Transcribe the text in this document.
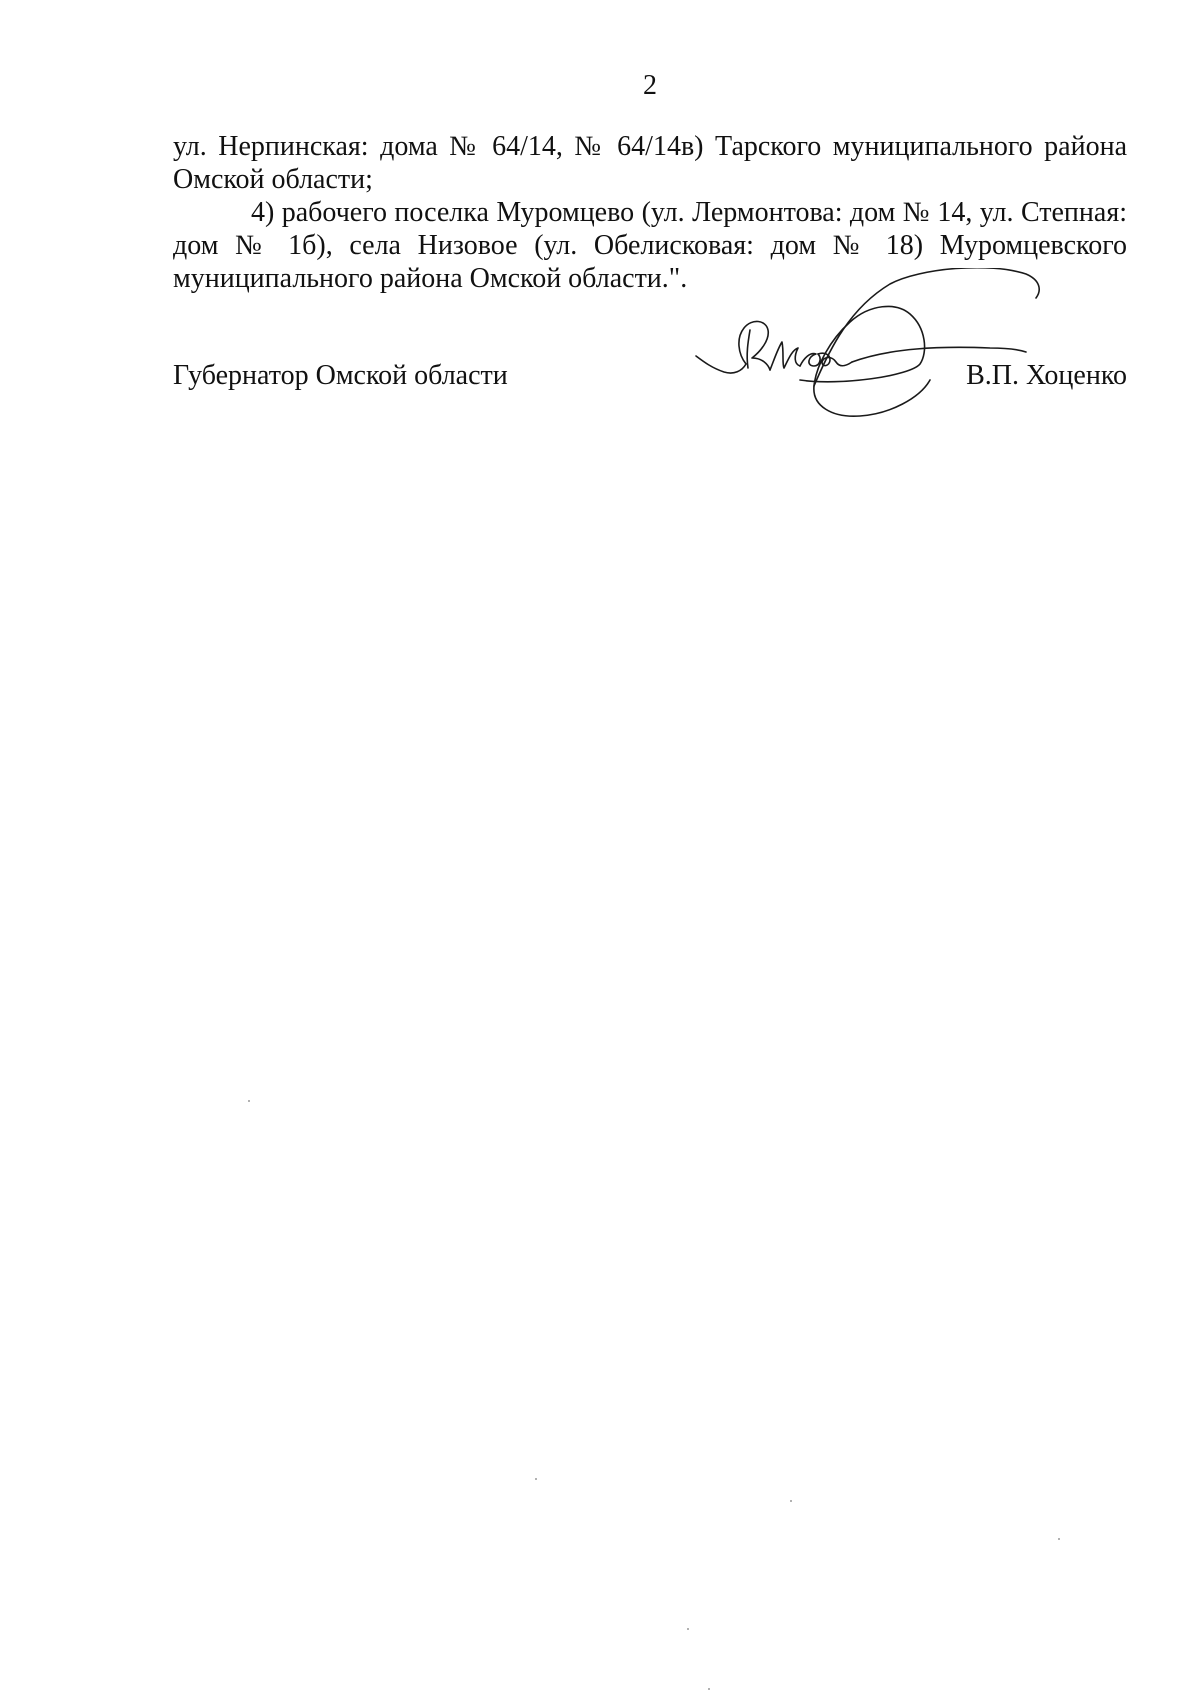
2

ул. Нерпинская: дома № 64/14, № 64/14в) Тарского муниципального района Омской области;

4) рабочего поселка Муромцево (ул. Лермонтова: дом № 14, ул. Степная: дом № 1б), села Низовое (ул. Обелисковая: дом № 18) Муромцевского муниципального района Омской области.".

Губернатор Омской области	В.П. Хоценко
